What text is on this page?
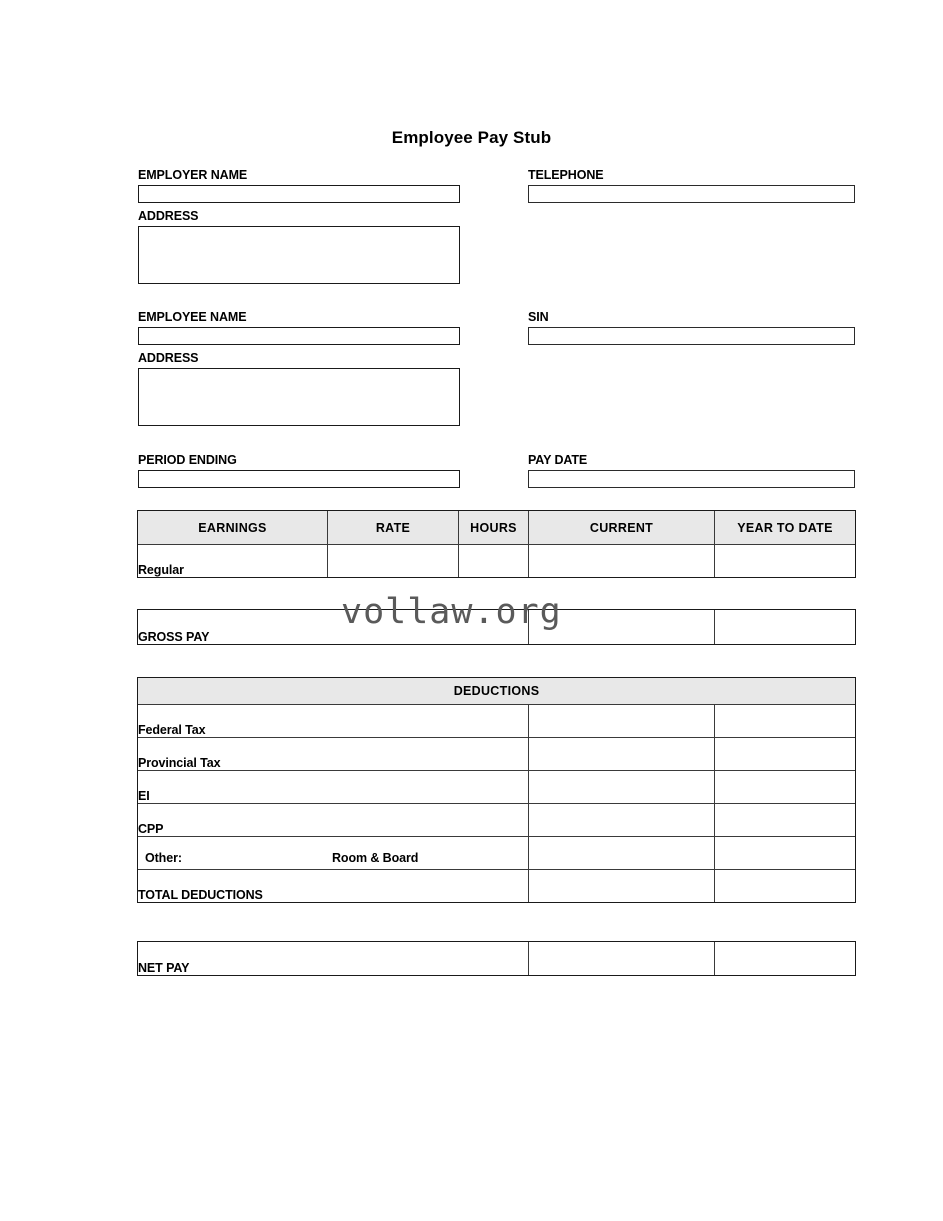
Employee Pay Stub
EMPLOYER NAME	TELEPHONE
ADDRESS
EMPLOYEE NAME	SIN
ADDRESS
PERIOD ENDING	PAY DATE
EARNINGS	RATE	HOURS	CURRENT	YEAR TO DATE
Regular				
GROSS PAY		
DEDUCTIONS		
Federal Tax		
Provincial Tax		
EI		
CPP		

Other: Room & Board		

TOTAL DEDUCTIONS		
NET PAY		
vollaw.org
